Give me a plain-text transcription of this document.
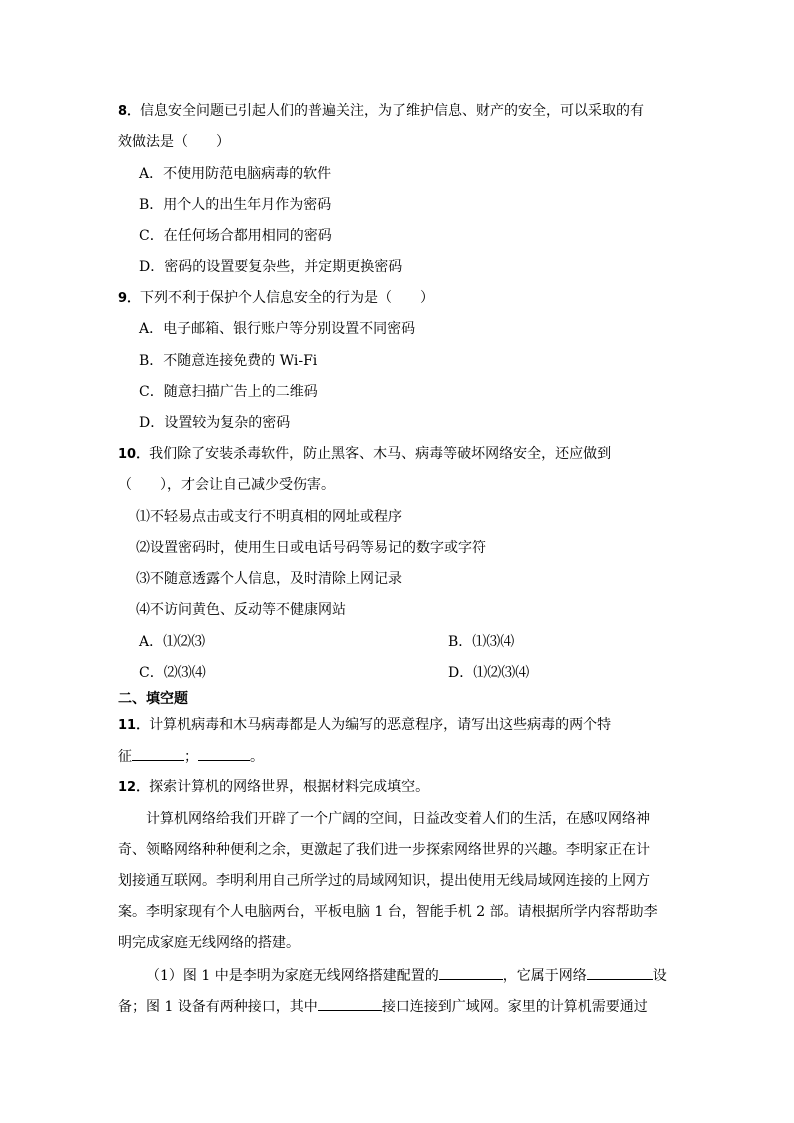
8．信息安全问题已引起人们的普遍关注，为了维护信息、财产的安全，可以采取的有
效做法是（　　）
A．不使用防范电脑病毒的软件
B．用个人的出生年月作为密码
C．在任何场合都用相同的密码
D．密码的设置要复杂些，并定期更换密码
9．下列不利于保护个人信息安全的行为是（　　）
A．电子邮箱、银行账户等分别设置不同密码
B．不随意连接免费的 Wi-Fi
C．随意扫描广告上的二维码
D．设置较为复杂的密码
10．我们除了安装杀毒软件，防止黑客、木马、病毒等破坏网络安全，还应做到
（　　），才会让自己减少受伤害。
⑴不轻易点击或支行不明真相的网址或程序
⑵设置密码时，使用生日或电话号码等易记的数字或字符
⑶不随意透露个人信息，及时清除上网记录
⑷不访问黄色、反动等不健康网站
A．⑴⑵⑶	B．⑴⑶⑷
C．⑵⑶⑷	D．⑴⑵⑶⑷
二、填空题
11．计算机病毒和木马病毒都是人为编写的恶意程序，请写出这些病毒的两个特
征	；	。
12．探索计算机的网络世界，根据材料完成填空。
计算机网络给我们开辟了一个广阔的空间，日益改变着人们的生活，在感叹网络神
奇、领略网络种种便利之余，更激起了我们进一步探索网络世界的兴趣。李明家正在计
划接通互联网。李明利用自己所学过的局域网知识，提出使用无线局域网连接的上网方
案。李明家现有个人电脑两台，平板电脑 1 台，智能手机 2 部。请根据所学内容帮助李
明完成家庭无线网络的搭建。
（1）图 1 中是李明为家庭无线网络搭建配置的	，它属于网络	设
备；图 1 设备有两种接口，其中	接口连接到广域网。家里的计算机需要通过
